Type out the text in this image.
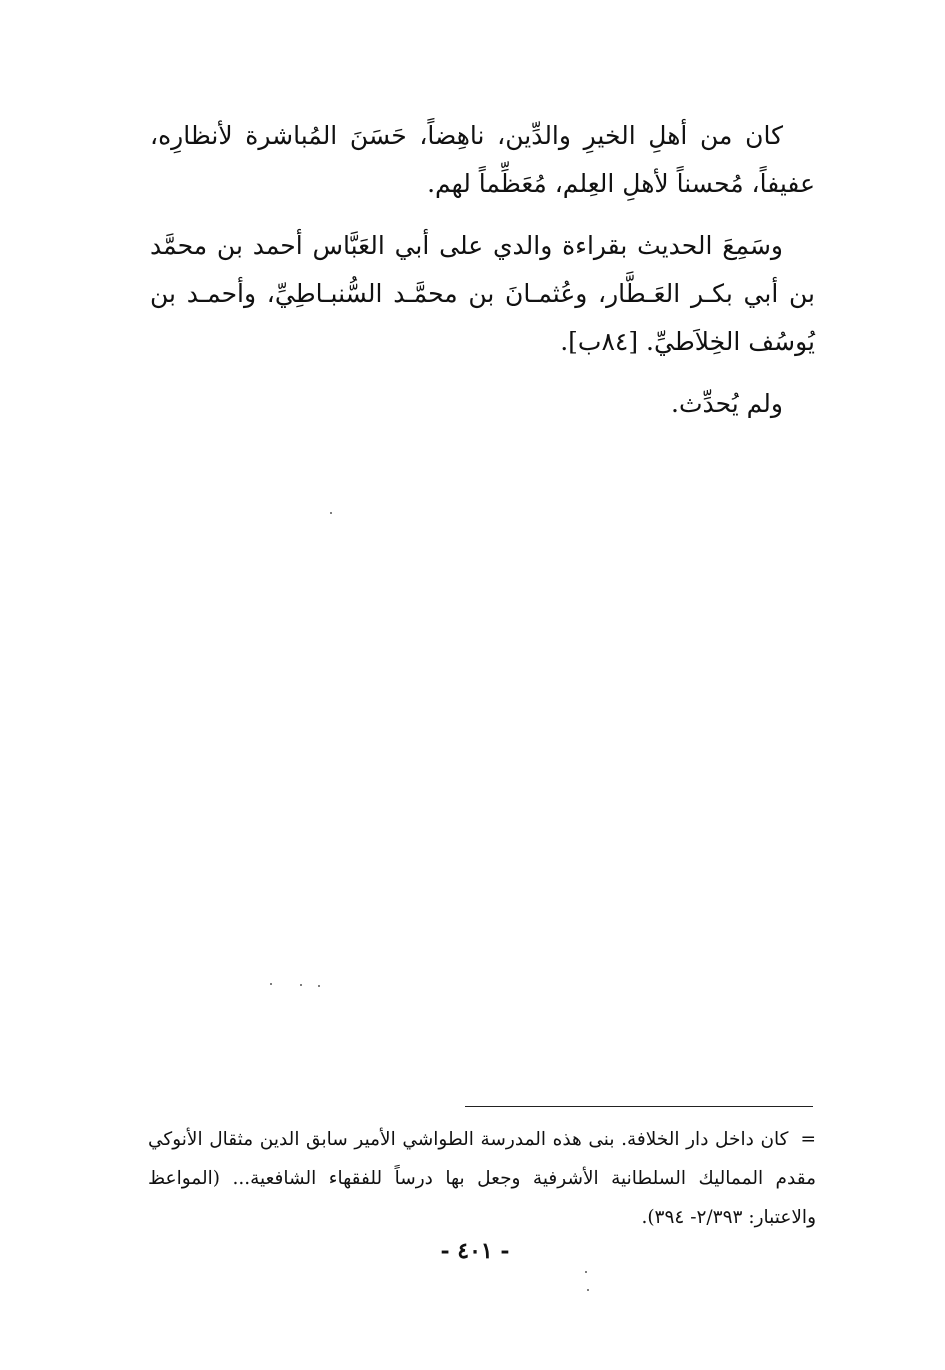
كان من أهلِ الخيرِ والدِّين، ناهِضاً، حَسَنَ المُباشرة لأنظارِه، عفيفاً، مُحسناً لأهلِ العِلم، مُعَظِّماً لهم.

وسَمِعَ الحديث بقراءة والدي على أبي العَبَّاس أحمد بن محمَّد بن أبي بكـر العَـطَّار، وعُثمـانَ بن محمَّـد السُّنبـاطِيِّ، وأحمـد بن يُوسُف الخِلاَطيِّ. [٨٤ب].

ولم يُحدِّث.

=كان داخل دار الخلافة. بنى هذه المدرسة الطواشي الأمير سابق الدين مثقال الأنوكي مقدم المماليك السلطانية الأشرفية وجعل بها درساً للفقهاء الشافعية... (المواعظ والاعتبار: ٢/٣٩٣- ٣٩٤).
- ٤٠١ -
